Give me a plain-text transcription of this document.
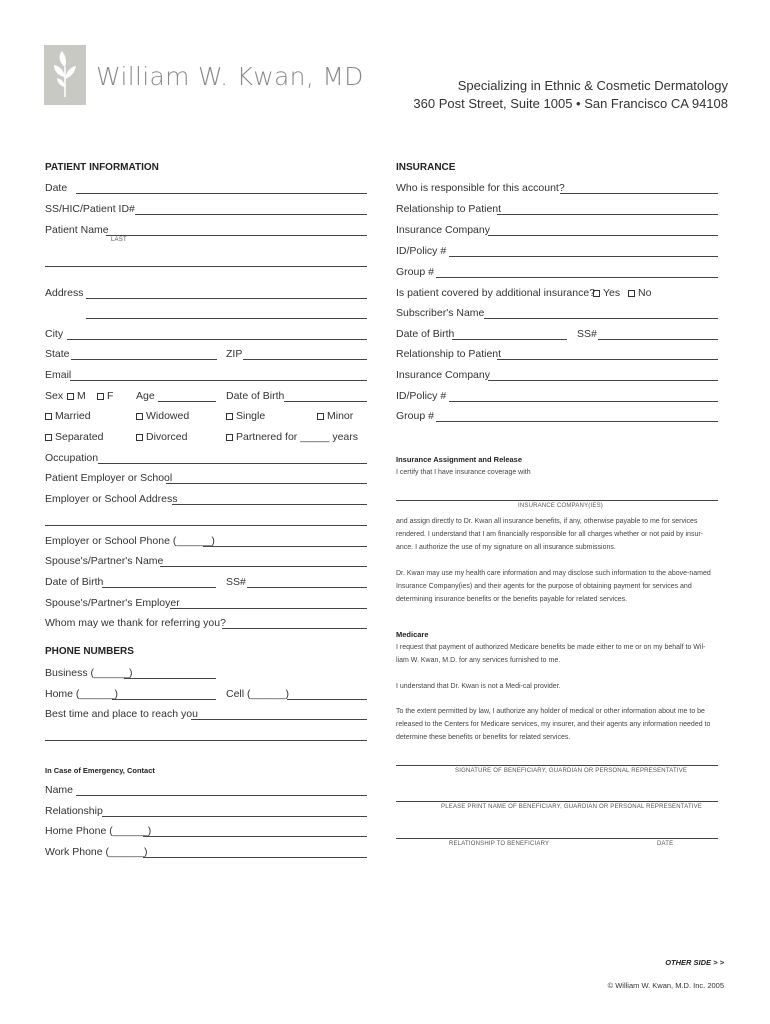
William W. Kwan, MD	Specializing in Ethnic & Cosmetic Dermatology
360 Post Street, Suite 1005 • San Francisco CA 94108
PATIENT INFORMATION
Date
SS/HIC/Patient ID#
Patient Name
LAST
Address
City
State	ZIP
Email
Sex	M	F Age	Date of Birth
Married	Widowed	Single	Minor
Separated	Divorced	Partnered for _____ years
Occupation
Patient Employer or School
Employer or School Address
Employer or School Phone (______)
Spouse's/Partner's Name
Date of Birth	SS#
Spouse's/Partner's Employer
Whom may we thank for referring you?
PHONE NUMBERS
Business (______)
Home (______)	Cell (______)
Best time and place to reach you
In Case of Emergency, Contact
Name
Relationship
Home Phone (______)
Work Phone (______)
INSURANCE
Who is responsible for this account?
Relationship to Patient
Insurance Company
ID/Policy #
Group #
Is patient covered by additional insurance? Yes	No
Subscriber's Name
Date of Birth	SS#
Relationship to Patient
Insurance Company
ID/Policy #
Group #
Insurance Assignment and Release
I certify that I have insurance coverage with
INSURANCE COMPANY(IES)
and assign directly to Dr. Kwan all insurance benefits, if any, otherwise payable to me for services
rendered. I understand that I am financially responsible for all charges whether or not paid by insur-
ance. I authorize the use of my signature on all insurance submissions.
Dr. Kwan may use my health care information and may disclose such information to the above-named
Insurance Company(ies) and their agents for the purpose of obtaining payment for services and
determining insurance benefits or the benefits payable for related services.
Medicare
I request that payment of authorized Medicare benefits be made either to me or on my behalf to Wil-
liam W. Kwan, M.D. for any services furnished to me.
I understand that Dr. Kwan is not a Medi-cal provider.
To the extent permitted by law, I authorize any holder of medical or other information about me to be
released to the Centers for Medicare services, my insurer, and their agents any information needed to
determine these benefits or benefits for related services.
SIGNATURE OF BENEFICIARY, GUARDIAN OR PERSONAL REPRESENTATIVE
PLEASE PRINT NAME OF BENEFICIARY, GUARDIAN OR PERSONAL REPRESENTATIVE
RELATIONSHIP TO BENEFICIARY	DATE
OTHER SIDE > >
© William W. Kwan, M.D. Inc. 2005
